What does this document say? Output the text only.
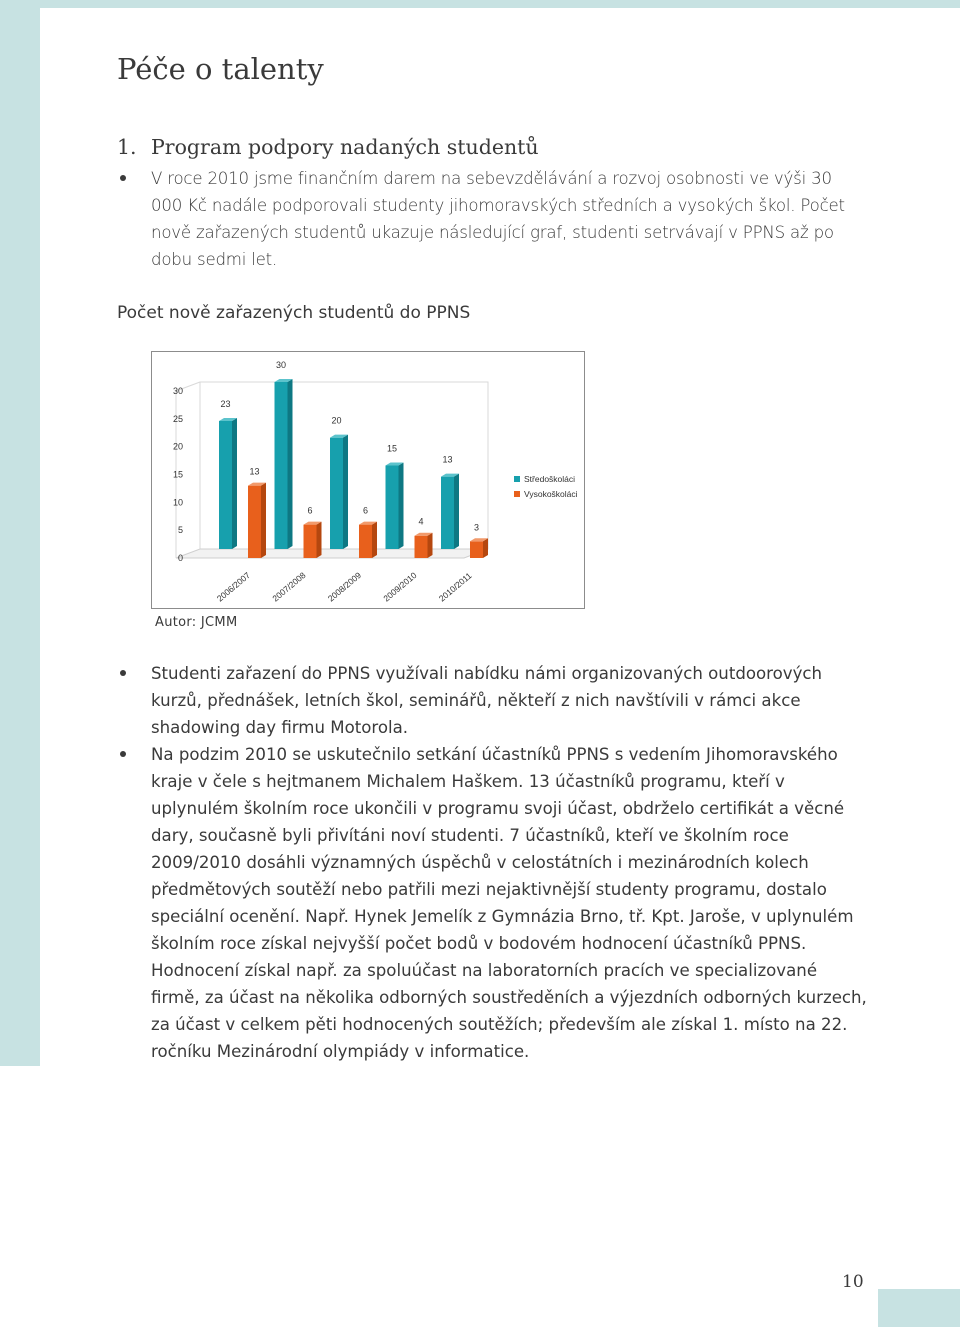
Péče o talenty
1. Program podpory nadaných studentů
V roce 2010 jsme finančním darem na sebevzdělávání a rozvoj osobnosti ve výši 30 000 Kč nadále podporovali studenty jihomoravských středních a vysokých škol. Počet nově zařazených studentů ukazuje následující graf, studenti setrvávají v PPNS až po dobu sedmi let.
Počet nově zařazených studentů do PPNS
0
5
10
15
20
25
30
23
13
30
6
20
6
15
4
13
3
2006/2007 2007/2008 2008/2009 2009/2010 2010/2011
Středoškoláci
Vysokoškoláci
Autor: JCMM
Studenti zařazení do PPNS využívali nabídku námi organizovaných outdoorových kurzů, přednášek, letních škol, seminářů, někteří z nich navštívili v rámci akce shadowing day firmu Motorola.
Na podzim 2010 se uskutečnilo setkání účastníků PPNS s vedením Jihomoravského kraje v čele s hejtmanem Michalem Haškem. 13 účastníků programu, kteří v uplynulém školním roce ukončili v programu svoji účast, obdrželo certifikát a věcné dary, současně byli přivítáni noví studenti. 7 účastníků, kteří ve školním roce 2009/2010 dosáhli významných úspěchů v celostátních i mezinárodních kolech předmětových soutěží nebo patřili mezi nejaktivnější studenty programu, dostalo speciální ocenění. Např. Hynek Jemelík z Gymnázia Brno, tř. Kpt. Jaroše, v uplynulém školním roce získal nejvyšší počet bodů v bodovém hodnocení účastníků PPNS. Hodnocení získal např. za spoluúčast na laboratorních pracích ve specializované firmě, za účast na několika odborných soustředěních a výjezdních odborných kurzech, za účast v celkem pěti hodnocených soutěžích; především ale získal 1. místo na 22. ročníku Mezinárodní olympiády v informatice.
10
